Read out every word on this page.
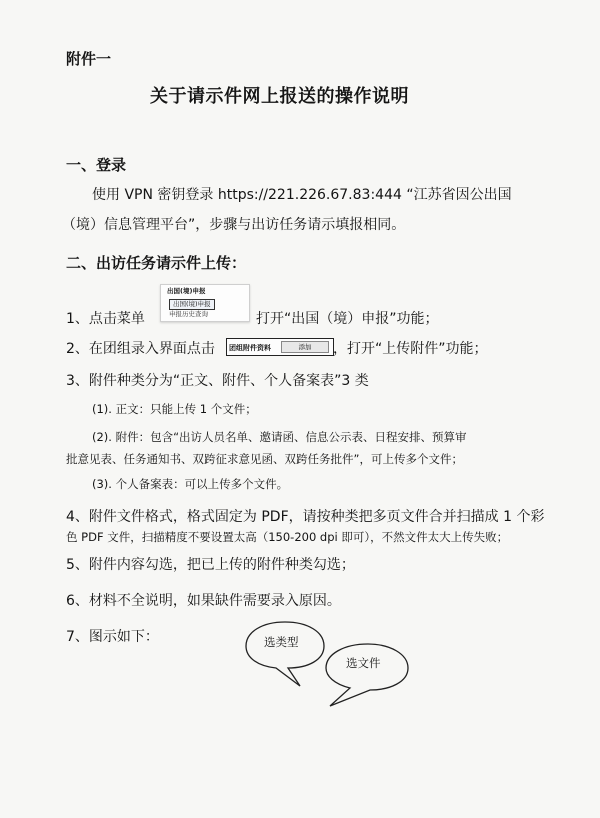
附件一
关于请示件网上报送的操作说明
一、登录
使用 VPN 密钥登录 https://221.226.67.83:444 “江苏省因公出国
（境）信息管理平台”，步骤与出访任务请示填报相同。
二、出访任务请示件上传：
1、点击菜单
出国(境)申报
出国(境)申报
申报历史查询	打开“出国（境）申报”功能；
2、在团组录入界面点击 团组附件资料	添加	，打开“上传附件”功能；
3、附件种类分为“正文、附件、个人备案表”3 类
(1). 正文：只能上传 1 个文件；
(2). 附件：包含“出访人员名单、邀请函、信息公示表、日程安排、预算审
批意见表、任务通知书、双跨征求意见函、双跨任务批件”，可上传多个文件；
(3). 个人备案表：可以上传多个文件。
4、附件文件格式，格式固定为 PDF，请按种类把多页文件合并扫描成 1 个彩
色 PDF 文件，扫描精度不要设置太高（150-200 dpi 即可），不然文件太大上传失败；
5、附件内容勾选，把已上传的附件种类勾选；
6、材料不全说明，如果缺件需要录入原因。
7、图示如下：	选类型
选文件
